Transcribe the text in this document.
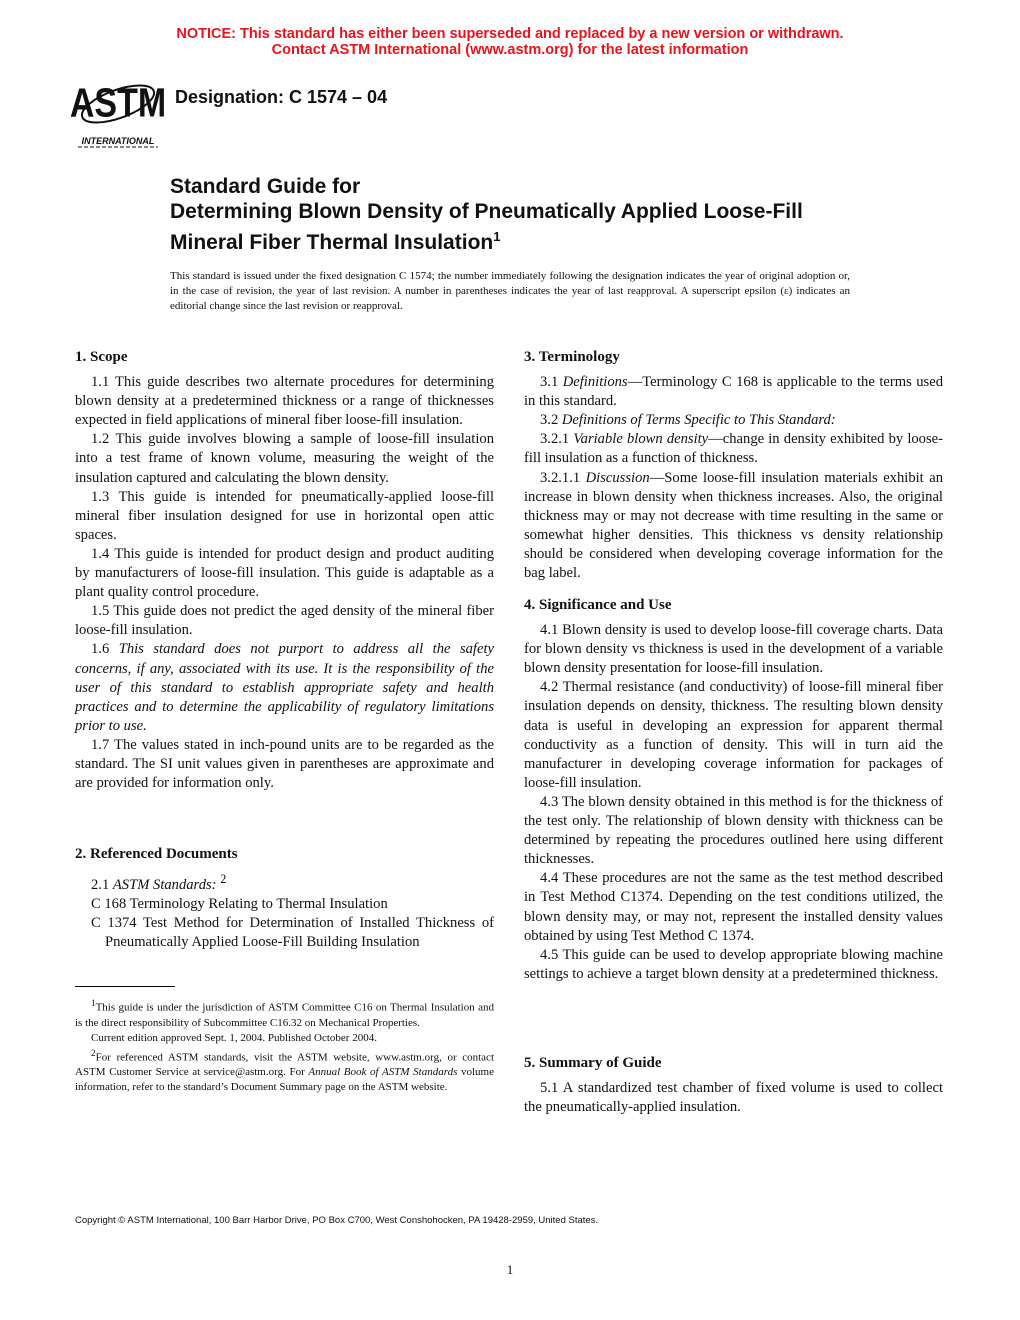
NOTICE: This standard has either been superseded and replaced by a new version or withdrawn.
Contact ASTM International (www.astm.org) for the latest information
ASTM
INTERNATIONAL
Designation: C 1574 – 04
Standard Guide for
Determining Blown Density of Pneumatically Applied Loose-Fill Mineral Fiber Thermal Insulation$^1$
This standard is issued under the fixed designation C 1574; the number immediately following the designation indicates the year of original adoption or, in the case of revision, the year of last revision. A number in parentheses indicates the year of last reapproval. A superscript epsilon (ε) indicates an editorial change since the last revision or reapproval.
1. Scope

1.1 This guide describes two alternate procedures for determining blown density at a predetermined thickness or a range of thicknesses expected in field applications of mineral fiber loose-fill insulation.

1.2 This guide involves blowing a sample of loose-fill insulation into a test frame of known volume, measuring the weight of the insulation captured and calculating the blown density.

1.3 This guide is intended for pneumatically-applied loose-fill mineral fiber insulation designed for use in horizontal open attic spaces.

1.4 This guide is intended for product design and product auditing by manufacturers of loose-fill insulation. This guide is adaptable as a plant quality control procedure.

1.5 This guide does not predict the aged density of the mineral fiber loose-fill insulation.

1.6 This standard does not purport to address all the safety concerns, if any, associated with its use. It is the responsibility of the user of this standard to establish appropriate safety and health practices and to determine the applicability of regulatory limitations prior to use.

1.7 The values stated in inch-pound units are to be regarded as the standard. The SI unit values given in parentheses are approximate and are provided for information only.

2. Referenced Documents

2.1 ASTM Standards: $^2$

C 168 Terminology Relating to Thermal Insulation

C 1374 Test Method for Determination of Installed Thickness of Pneumatically Applied Loose-Fill Building Insulation

$^1$This guide is under the jurisdiction of ASTM Committee C16 on Thermal Insulation and is the direct responsibility of Subcommittee C16.32 on Mechanical Properties.

Current edition approved Sept. 1, 2004. Published October 2004.

$^2$For referenced ASTM standards, visit the ASTM website, www.astm.org, or contact ASTM Customer Service at service@astm.org. For Annual Book of ASTM Standards volume information, refer to the standard’s Document Summary page on the ASTM website.

3. Terminology

3.1 Definitions—Terminology C 168 is applicable to the terms used in this standard.

3.2 Definitions of Terms Specific to This Standard:

3.2.1 Variable blown density—change in density exhibited by loose-fill insulation as a function of thickness.

3.2.1.1 Discussion—Some loose-fill insulation materials exhibit an increase in blown density when thickness increases. Also, the original thickness may or may not decrease with time resulting in the same or somewhat higher densities. This thickness vs density relationship should be considered when developing coverage information for the bag label.

4. Significance and Use

4.1 Blown density is used to develop loose-fill coverage charts. Data for blown density vs thickness is used in the development of a variable blown density presentation for loose-fill insulation.

4.2 Thermal resistance (and conductivity) of loose-fill mineral fiber insulation depends on density, thickness. The resulting blown density data is useful in developing an expression for apparent thermal conductivity as a function of density. This will in turn aid the manufacturer in developing coverage information for packages of loose-fill insulation.

4.3 The blown density obtained in this method is for the thickness of the test only. The relationship of blown density with thickness can be determined by repeating the procedures outlined here using different thicknesses.

4.4 These procedures are not the same as the test method described in Test Method C1374. Depending on the test conditions utilized, the blown density may, or may not, represent the installed density values obtained by using Test Method C 1374.

4.5 This guide can be used to develop appropriate blowing machine settings to achieve a target blown density at a predetermined thickness.

5. Summary of Guide

5.1 A standardized test chamber of fixed volume is used to collect the pneumatically-applied insulation.

Copyright © ASTM International, 100 Barr Harbor Drive, PO Box C700, West Conshohocken, PA 19428-2959, United States.
1
